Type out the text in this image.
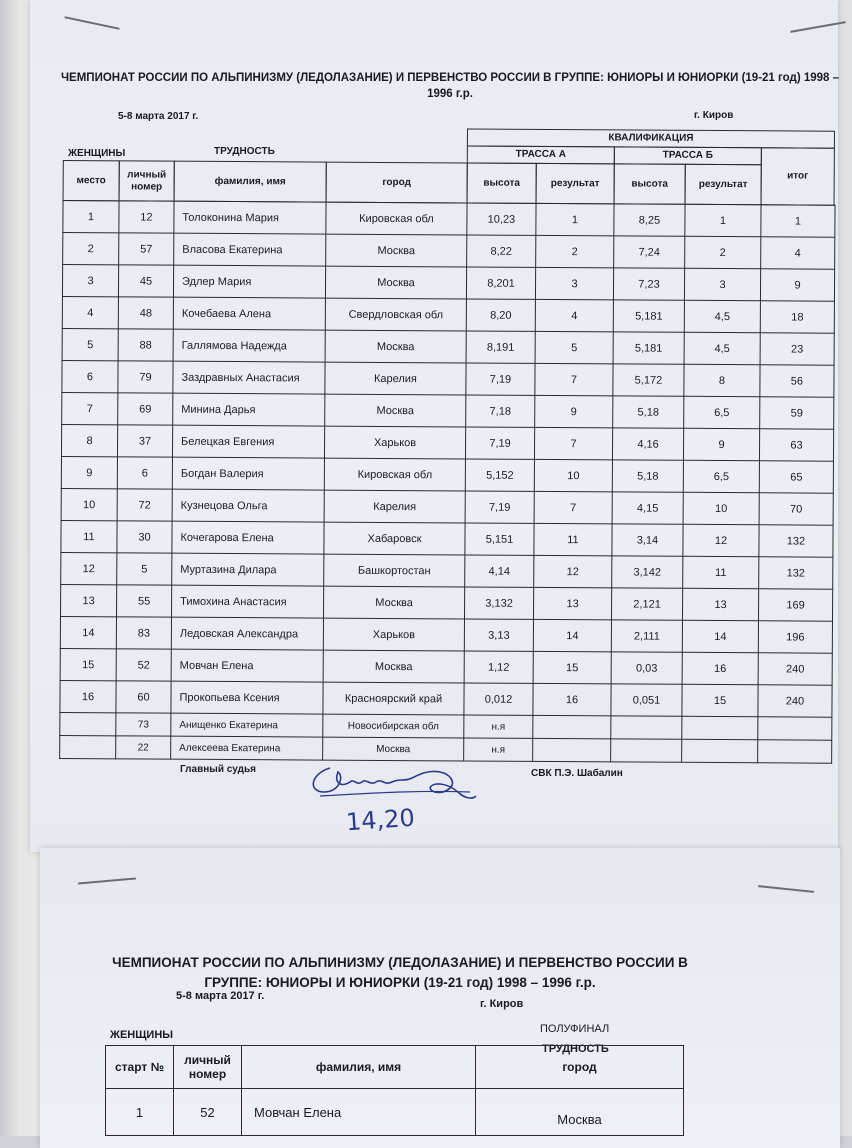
ЧЕМПИОНАТ РОССИИ ПО АЛЬПИНИЗМУ (ЛЕДОЛАЗАНИЕ) И ПЕРВЕНСТВО РОССИИ В ГРУППЕ: ЮНИОРЫ И ЮНИОРКИ (19-21 год) 1998 – 1996 г.р.
5-8 марта 2017 г.	г. Киров
ЖЕНЩИНЫ	ТРУДНОСТЬ
КВАЛИФИКАЦИЯ
ТРАССА А	ТРАССА Б
место
личный номер	фамилия, имя	город	высота	результат	высота	результат
итог
1	12	Толоконина Мария	Кировская обл	10,23	1	8,25	1	1
2	57	Власова Екатерина	Москва	8,22	2	7,24	2	4
3	45	Эдлер Мария	Москва	8,201	3	7,23	3	9
4	48	Кочебаева Алена	Свердловская обл	8,20	4	5,181	4,5	18
5	88	Галлямова Надежда	Москва	8,191	5	5,181	4,5	23
6	79	Заздравных Анастасия	Карелия	7,19	7	5,172	8	56
7	69	Минина Дарья	Москва	7,18	9	5,18	6,5	59
8	37	Белецкая Евгения	Харьков	7,19	7	4,16	9	63
9	6	Богдан Валерия	Кировская обл	5,152	10	5,18	6,5	65
10	72	Кузнецова Ольга	Карелия	7,19	7	4,15	10	70
11	30	Кочегарова Елена	Хабаровск	5,151	11	3,14	12	132
12	5	Муртазина Дилара	Башкортостан	4,14	12	3,142	11	132
13	55	Тимохина Анастасия	Москва	3,132	13	2,121	13	169
14	83	Ледовская Александра	Харьков	3,13	14	2,111	14	196
15	52	Мовчан Елена	Москва	1,12	15	0,03	16	240
16	60	Прокопьева Ксения	Красноярский край	0,012	16	0,051	15	240
	73	Анищенко Екатерина	Новосибирская обл	н.я				
	22	Алексеева Екатерина	Москва	н.я				
Главный судья	СВК П.Э. Шабалин
14,20
ЧЕМПИОНАТ РОССИИ ПО АЛЬПИНИЗМУ (ЛЕДОЛАЗАНИЕ) И ПЕРВЕНСТВО РОССИИ В ГРУППЕ: ЮНИОРЫ И ЮНИОРКИ (19-21 год) 1998 – 1996 г.р.
5-8 марта 2017 г.
г. Киров
ЖЕНЩИНЫ	ПОЛУФИНАЛ
ТРУДНОСТЬ
старт №	личный номер	фамилия, имя	город
1	52	Мовчан Елена	Москва
